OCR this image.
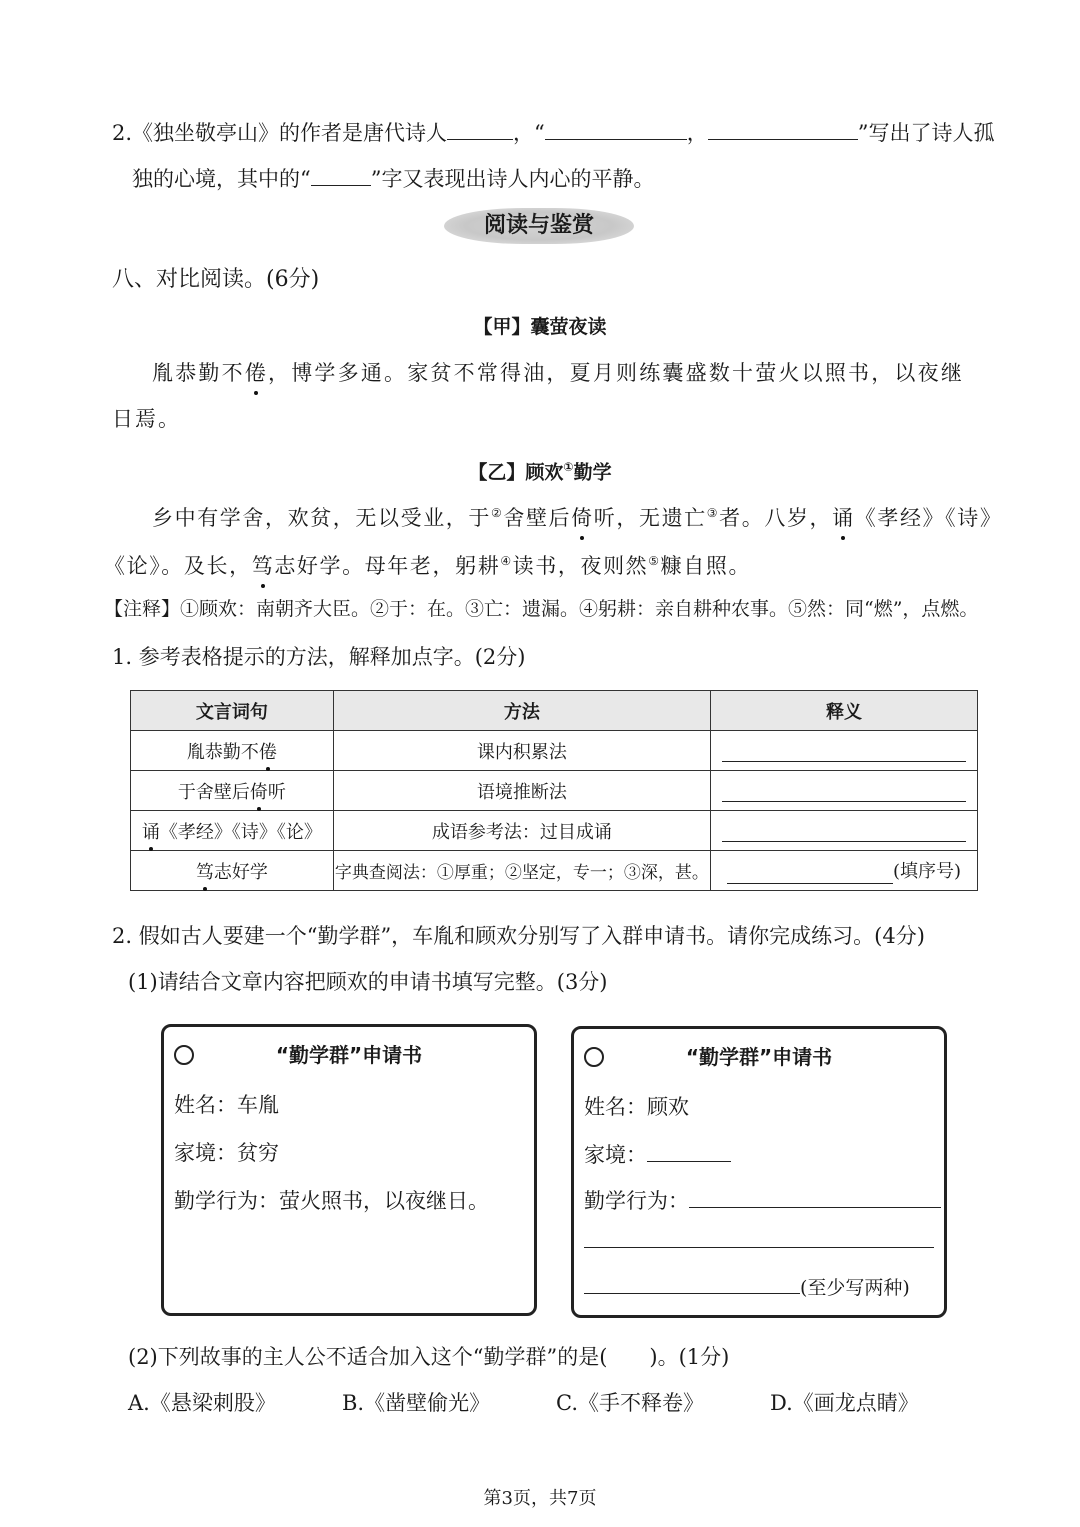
2.《独坐敬亭山》的作者是唐代诗人	，“	，	”写出了诗人孤
独的心境，其中的“	”字又表现出诗人内心的平静。
阅读与鉴赏
八、对比阅读。(6分)
【甲】囊萤夜读
胤恭勤不倦，博学多通。家贫不常得油，夏月则练囊盛数十萤火以照书，以夜继
日焉。
【乙】顾欢①勤学
乡中有学舍，欢贫，无以受业，于②舍壁后倚听，无遗亡③者。八岁，诵《孝经》《诗》
《论》。及长，笃志好学。母年老，躬耕④读书，夜则然⑤糠自照。
【注释】①顾欢：南朝齐大臣。②于：在。③亡：遗漏。④躬耕：亲自耕种农事。⑤然：同“燃”，点燃。
1. 参考表格提示的方法，解释加点字。(2分)
文言词句	方法	释义
胤恭勤不倦	课内积累法	
于舍壁后倚听	语境推断法	
诵《孝经》《诗》《论》	成语参考法：过目成诵	
笃志好学	字典查阅法：①厚重；②坚定，专一；③深，甚。	(填序号)
2. 假如古人要建一个“勤学群”，车胤和顾欢分别写了入群申请书。请你完成练习。(4分)
(1)请结合文章内容把顾欢的申请书填写完整。(3分)
“勤学群”申请书
姓名：车胤
家境：贫穷
勤学行为：萤火照书，以夜继日。
“勤学群”申请书
姓名：顾欢
家境：
勤学行为：
(至少写两种)
(2)下列故事的主人公不适合加入这个“勤学群”的是(　　)。(1分)
A.《悬梁刺股》	B.《凿壁偷光》	C.《手不释卷》	D.《画龙点睛》
第3页，共7页
